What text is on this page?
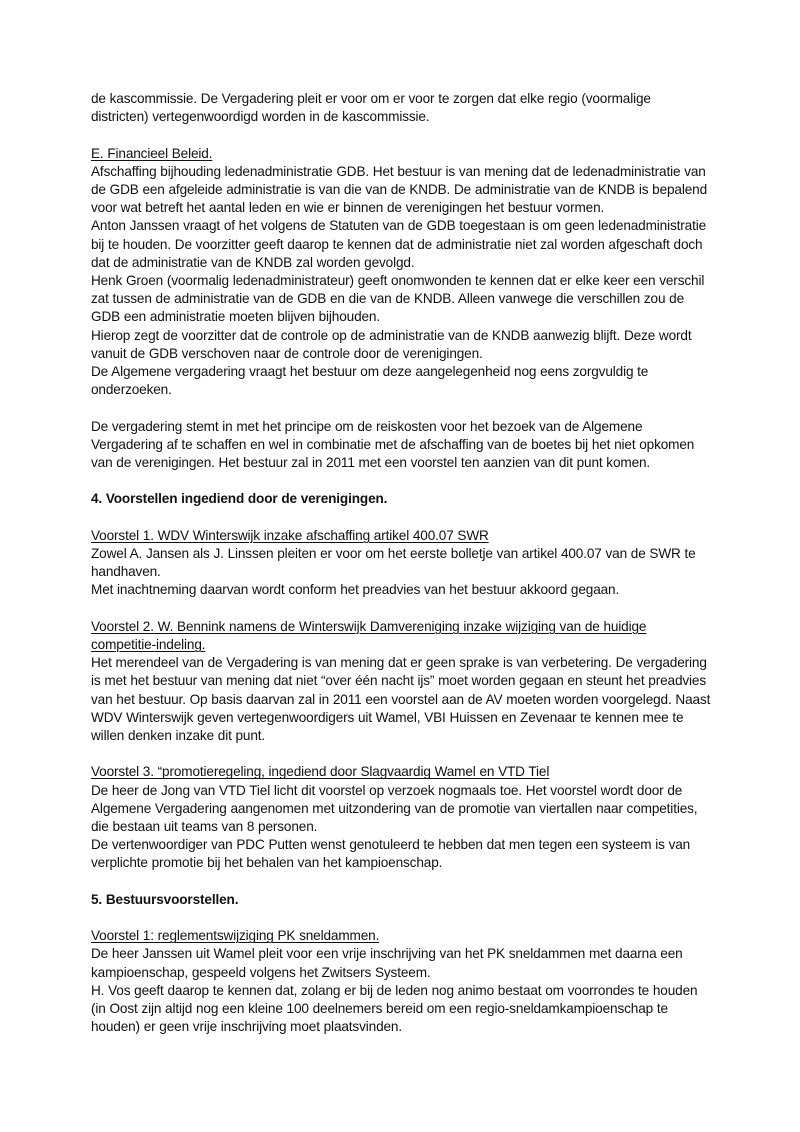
de kascommissie. De Vergadering pleit er voor om er voor te zorgen dat elke regio (voormalige districten) vertegenwoordigd worden in de kascommissie.

E. Financieel Beleid.

Afschaffing bijhouding ledenadministratie GDB. Het bestuur is van mening dat de ledenadministratie van de GDB een afgeleide administratie is van die van de KNDB. De administratie van de KNDB is bepalend voor wat betreft het aantal leden en wie er binnen de verenigingen het bestuur vormen.

Anton Janssen vraagt of het volgens de Statuten van de GDB toegestaan is om geen ledenadministratie bij te houden. De voorzitter geeft daarop te kennen dat de administratie niet zal worden afgeschaft doch dat de administratie van de KNDB zal worden gevolgd.

Henk Groen (voormalig ledenadministrateur) geeft onomwonden te kennen dat er elke keer een verschil zat tussen de administratie van de GDB en die van de KNDB. Alleen vanwege die verschillen zou de GDB een administratie moeten blijven bijhouden.

Hierop zegt de voorzitter dat de controle op de administratie van de KNDB aanwezig blijft. Deze wordt vanuit de GDB verschoven naar de controle door de verenigingen.

De Algemene vergadering vraagt het bestuur om deze aangelegenheid nog eens zorgvuldig te onderzoeken.

De vergadering stemt in met het principe om de reiskosten voor het bezoek van de Algemene Vergadering af te schaffen en wel in combinatie met de afschaffing van de boetes bij het niet opkomen van de verenigingen. Het bestuur zal in 2011 met een voorstel ten aanzien van dit punt komen.

4. Voorstellen ingediend door de verenigingen.

Voorstel 1. WDV Winterswijk inzake afschaffing artikel 400.07 SWR

Zowel A. Jansen als J. Linssen pleiten er voor om het eerste bolletje van artikel 400.07 van de SWR te handhaven.

Met inachtneming daarvan wordt conform het preadvies van het bestuur akkoord gegaan.

Voorstel 2. W. Bennink namens de Winterswijk Damvereniging inzake wijziging van de huidige competitie-indeling.

Het merendeel van de Vergadering is van mening dat er geen sprake is van verbetering. De vergadering is met het bestuur van mening dat niet “over één nacht ijs” moet worden gegaan en steunt het preadvies van het bestuur. Op basis daarvan zal in 2011 een voorstel aan de AV moeten worden voorgelegd. Naast WDV Winterswijk geven vertegenwoordigers uit Wamel, VBI Huissen en Zevenaar te kennen mee te willen denken inzake dit punt.

Voorstel 3. “promotieregeling, ingediend door Slagvaardig Wamel en VTD Tiel

De heer de Jong van VTD Tiel licht dit voorstel op verzoek nogmaals toe. Het voorstel wordt door de Algemene Vergadering aangenomen met uitzondering van de promotie van viertallen naar competities, die bestaan uit teams van 8 personen.

De vertenwoordiger van PDC Putten wenst genotuleerd te hebben dat men tegen een systeem is van verplichte promotie bij het behalen van het kampioenschap.

5. Bestuursvoorstellen.

Voorstel 1: reglementswijziging PK sneldammen.

De heer Janssen uit Wamel pleit voor een vrije inschrijving van het PK sneldammen met daarna een kampioenschap, gespeeld volgens het Zwitsers Systeem.

H. Vos geeft daarop te kennen dat, zolang er bij de leden nog animo bestaat om voorrondes te houden (in Oost zijn altijd nog een kleine 100 deelnemers bereid om een regio-sneldamkampioenschap te houden) er geen vrije inschrijving moet plaatsvinden.
